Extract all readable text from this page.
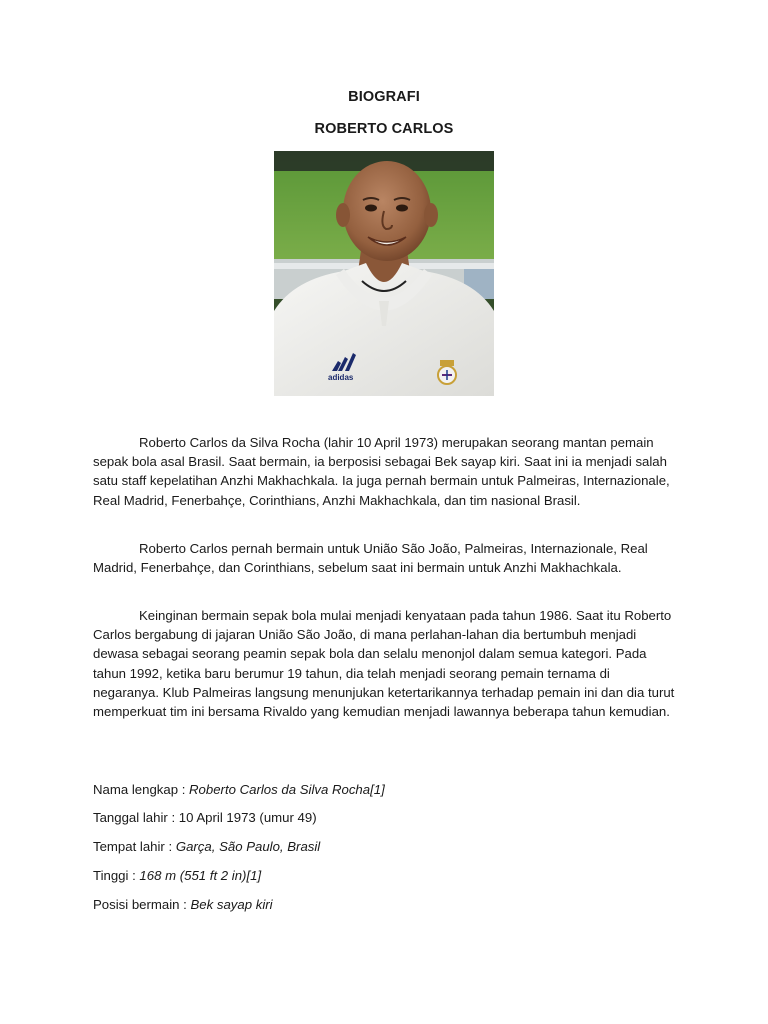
BIOGRAFI
ROBERTO CARLOS
adidas
Roberto Carlos da Silva Rocha (lahir 10 April 1973) merupakan seorang mantan pemain sepak bola asal Brasil. Saat bermain, ia berposisi sebagai Bek sayap kiri. Saat ini ia menjadi salah satu staff kepelatihan Anzhi Makhachkala. Ia juga pernah bermain untuk Palmeiras, Internazionale, Real Madrid, Fenerbahçe, Corinthians, Anzhi Makhachkala, dan tim nasional Brasil.
Roberto Carlos pernah bermain untuk União São João, Palmeiras, Internazionale, Real Madrid, Fenerbahçe, dan Corinthians, sebelum saat ini bermain untuk Anzhi Makhachkala.
Keinginan bermain sepak bola mulai menjadi kenyataan pada tahun 1986. Saat itu Roberto Carlos bergabung di jajaran União São João, di mana perlahan-lahan dia bertumbuh menjadi dewasa sebagai seorang peamin sepak bola dan selalu menonjol dalam semua kategori. Pada tahun 1992, ketika baru berumur 19 tahun, dia telah menjadi seorang pemain ternama di negaranya. Klub Palmeiras langsung menunjukan ketertarikannya terhadap pemain ini dan dia turut memperkuat tim ini bersama Rivaldo yang kemudian menjadi lawannya beberapa tahun kemudian.
Nama lengkap : Roberto Carlos da Silva Rocha[1]
Tanggal lahir : 10 April 1973 (umur 49)
Tempat lahir : Garça, São Paulo, Brasil
Tinggi : 168 m (551 ft 2 in)[1]
Posisi bermain : Bek sayap kiri
